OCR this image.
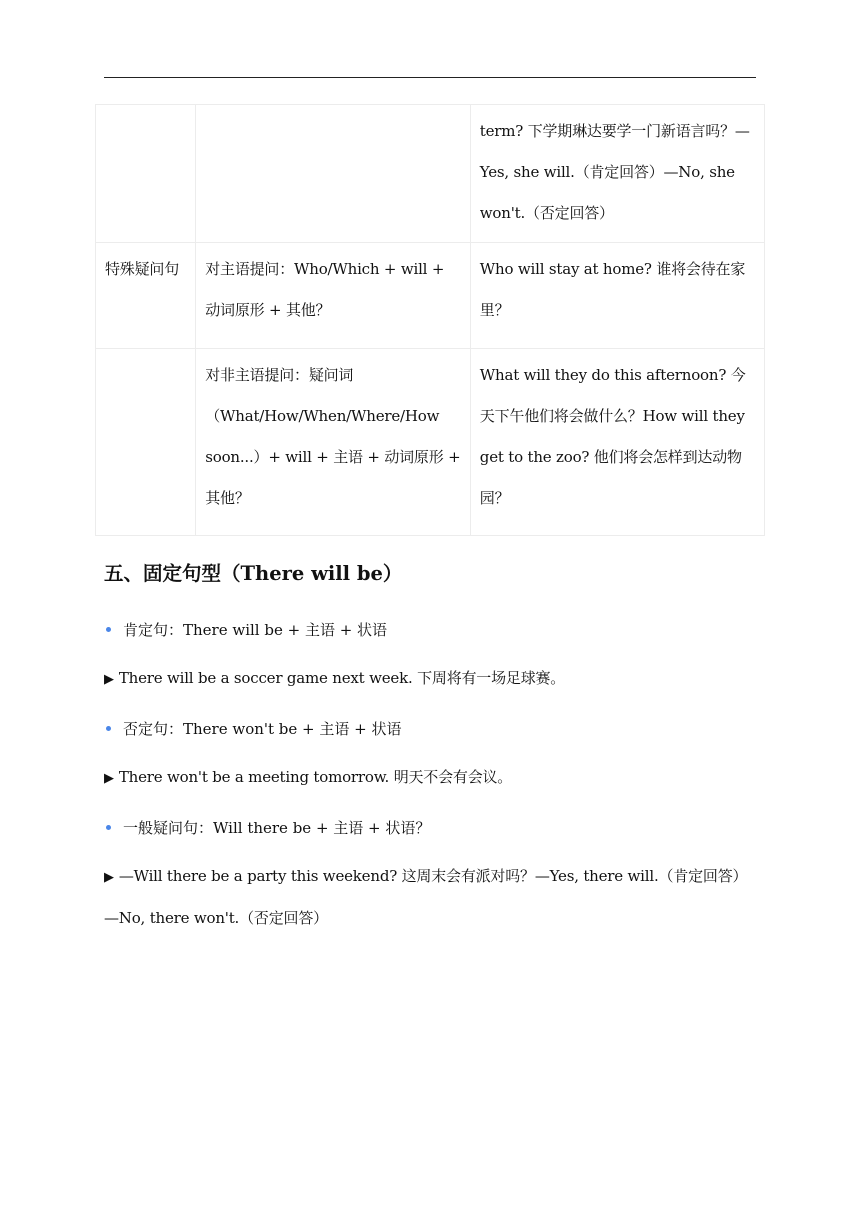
		term? 下学期琳达要学一门新语言吗？—Yes, she will.（肯定回答）—No, she won't.（否定回答）
特殊疑问句	对主语提问：Who/Which + will + 动词原形 + 其他？	Who will stay at home? 谁将会待在家里？
	对非主语提问：疑问词（What/How/When/Where/How soon...）+ will + 主语 + 动词原形 + 其他？	What will they do this afternoon? 今天下午他们将会做什么？How will they get to the zoo? 他们将会怎样到达动物园？
五、固定句型（There will be）
肯定句：There will be + 主语 + 状语
▶ There will be a soccer game next week. 下周将有一场足球赛。
否定句：There won't be + 主语 + 状语
▶ There won't be a meeting tomorrow. 明天不会有会议。
一般疑问句：Will there be + 主语 + 状语？
▶ —Will there be a party this weekend? 这周末会有派对吗？—Yes, there will.（肯定回答）—No, there won't.（否定回答）
